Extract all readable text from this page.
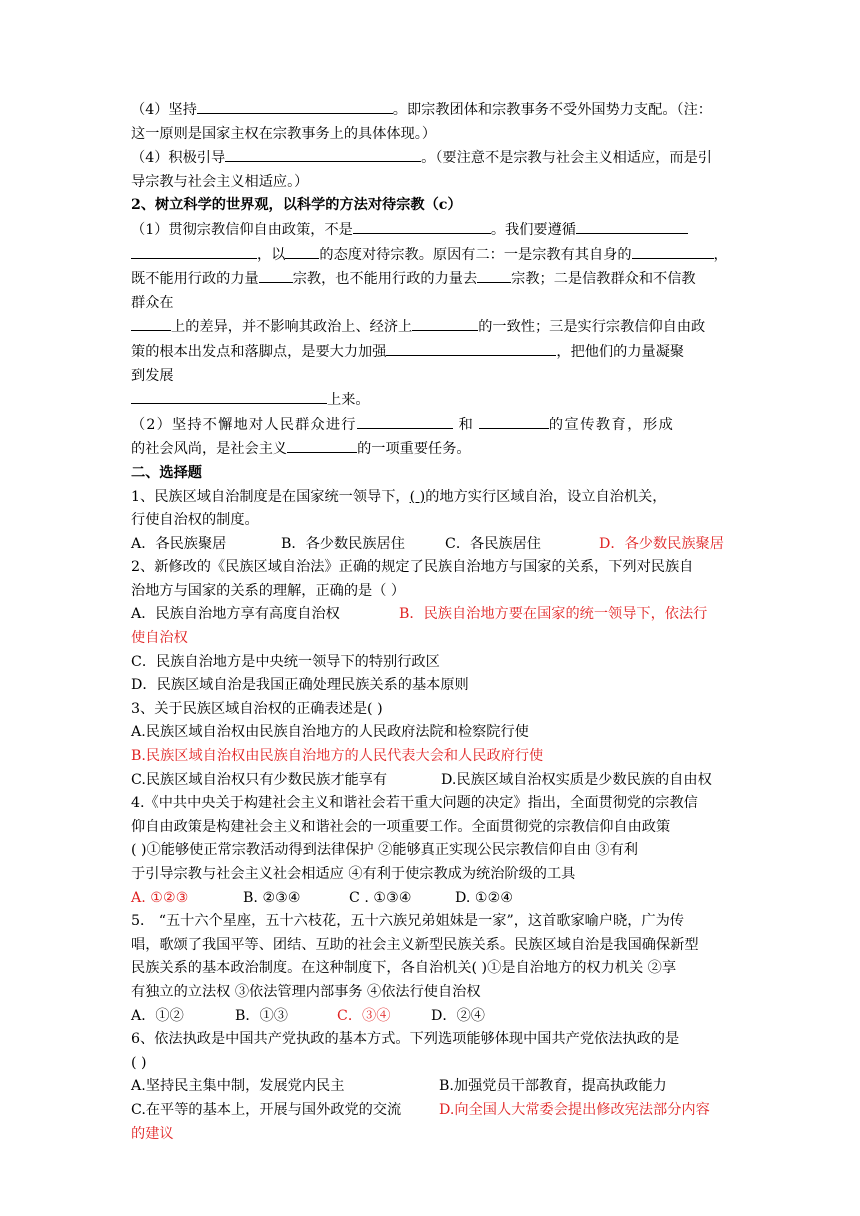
（4）坚持	。即宗教团体和宗教事务不受外国势力支配。（注：

这一原则是国家主权在宗教事务上的具体体现。）

（4）积极引导	。（要注意不是宗教与社会主义相适应，而是引

导宗教与社会主义相适应。）

2、树立科学的世界观，以科学的方法对待宗教（c）

（1）贯彻宗教信仰自由政策，不是	。我们要遵循

，以 的态度对待宗教。原因有二：一是宗教有其自身的	，

既不能用行政的力量 宗教，也不能用行政的力量去 宗教；二是信教群众和不信教

群众在

上的差异，并不影响其政治上、经济上	的一致性；三是实行宗教信仰自由政

策的根本出发点和落脚点，是要大力加强	，把他们的力量凝聚

到发展

上来。

（2）坚持不懈地对人民群众进行	和	的宣传教育，形成

的社会风尚，是社会主义	的一项重要任务。

二、选择题

1、民族区域自治制度是在国家统一领导下，( )的地方实行区域自治，设立自治机关，

行使自治权的制度。

A．各民族聚居	B．各少数民族居住	C．各民族居住	D．各少数民族聚居

2、新修改的《民族区域自治法》正确的规定了民族自治地方与国家的关系，下列对民族自

治地方与国家的关系的理解，正确的是（ ）

A．民族自治地方享有高度自治权	B．民族自治地方要在国家的统一领导下，依法行

使自治权

C．民族自治地方是中央统一领导下的特别行政区

D．民族区域自治是我国正确处理民族关系的基本原则

3、关于民族区域自治权的正确表述是( )

A.民族区域自治权由民族自治地方的人民政府法院和检察院行使

B.民族区域自治权由民族自治地方的人民代表大会和人民政府行使

C.民族区域自治权只有少数民族才能享有	D.民族区域自治权实质是少数民族的自由权

4.《中共中央关于构建社会主义和谐社会若干重大问题的决定》指出，全面贯彻党的宗教信

仰自由政策是构建社会主义和谐社会的一项重要工作。全面贯彻党的宗教信仰自由政策

( )①能够使正常宗教活动得到法律保护 ②能够真正实现公民宗教信仰自由 ③有利

于引导宗教与社会主义社会相适应 ④有利于使宗教成为统治阶级的工具

A. ①②③	B. ②③④	C . ①③④	D. ①②④

5． “五十六个星座，五十六枝花，五十六族兄弟姐妹是一家”，这首歌家喻户晓，广为传

唱，歌颂了我国平等、团结、互助的社会主义新型民族关系。民族区域自治是我国确保新型

民族关系的基本政治制度。在这种制度下，各自治机关( )①是自治地方的权力机关 ②享

有独立的立法权 ③依法管理内部事务 ④依法行使自治权

A．①②	B．①③	C．③④	D．②④

6、依法执政是中国共产党执政的基本方式。下列选项能够体现中国共产党依法执政的是

( )

A.坚持民主集中制，发展党内民主	B.加强党员干部教育，提高执政能力

C.在平等的基本上，开展与国外政党的交流	D.向全国人大常委会提出修改宪法部分内容

的建议
